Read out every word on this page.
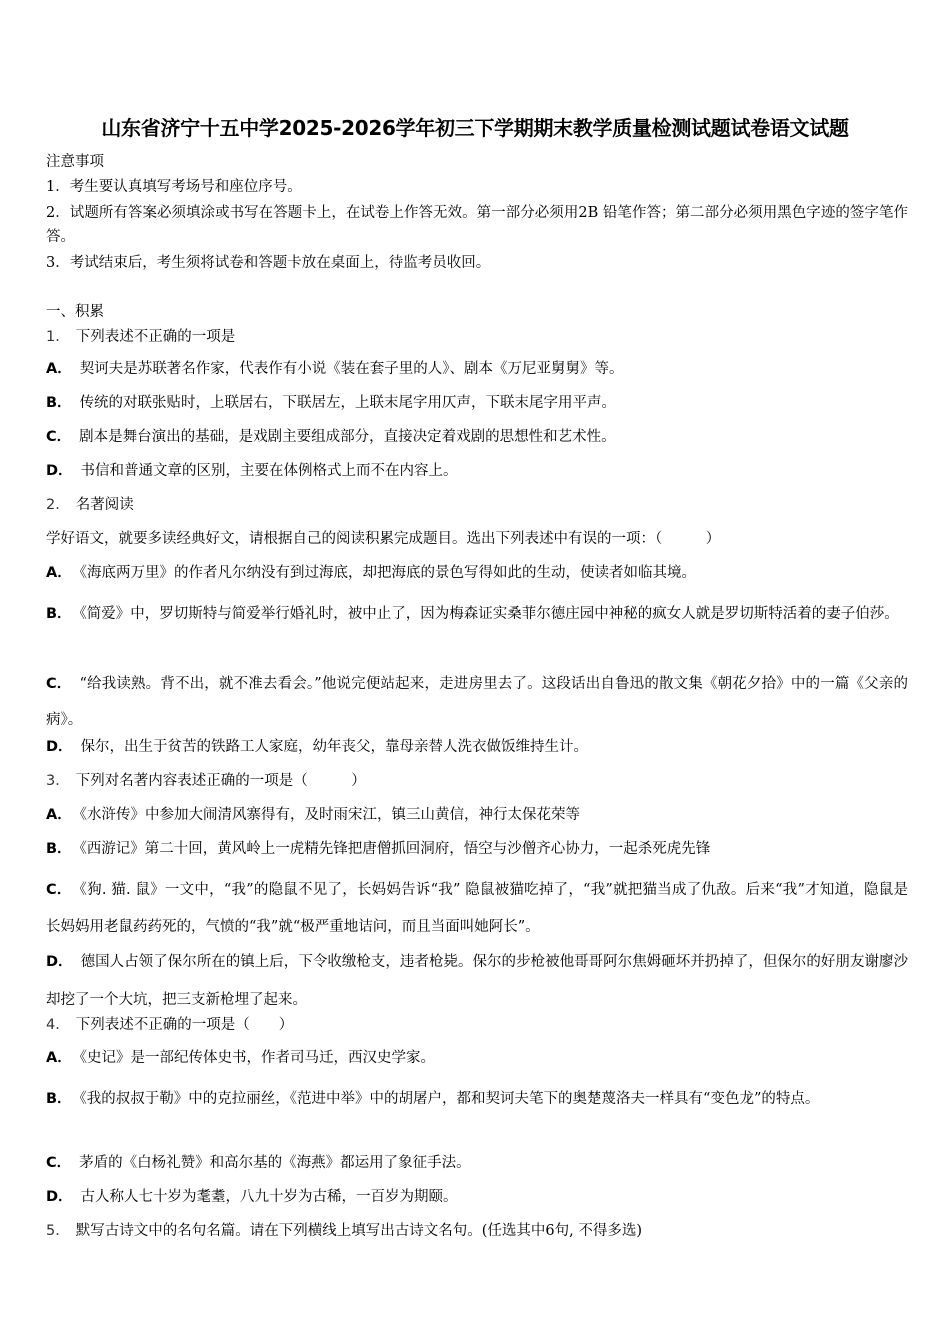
山东省济宁十五中学2025-2026学年初三下学期期末教学质量检测试题试卷语文试题
注意事项
1．考生要认真填写考场号和座位序号。
2．试题所有答案必须填涂或书写在答题卡上，在试卷上作答无效。第一部分必须用2B 铅笔作答；第二部分必须用黑色字迹的签字笔作答。
3．考试结束后，考生须将试卷和答题卡放在桌面上，待监考员收回。
一、积累
1． 下列表述不正确的一项是
A． 契诃夫是苏联著名作家，代表作有小说《装在套子里的人》、剧本《万尼亚舅舅》等。
B． 传统的对联张贴时，上联居右，下联居左，上联末尾字用仄声，下联末尾字用平声。
C． 剧本是舞台演出的基础，是戏剧主要组成部分，直接决定着戏剧的思想性和艺术性。
D． 书信和普通文章的区别，主要在体例格式上而不在内容上。
2． 名著阅读
学好语文，就要多读经典好文，请根据自己的阅读积累完成题目。选出下列表述中有误的一项：（　　　）
A． 《海底两万里》的作者凡尔纳没有到过海底，却把海底的景色写得如此的生动，使读者如临其境。
B． 《简爱》中，罗切斯特与简爱举行婚礼时，被中止了，因为梅森证实桑菲尔德庄园中神秘的疯女人就是罗切斯特活着的妻子伯莎。
C． “给我读熟。背不出，就不准去看会。”他说完便站起来，走进房里去了。这段话出自鲁迅的散文集《朝花夕拾》中的一篇《父亲的病》。
D． 保尔，出生于贫苦的铁路工人家庭，幼年丧父，靠母亲替人洗衣做饭维持生计。
3． 下列对名著内容表述正确的一项是（　　　）
A． 《水浒传》中参加大闹清风寨得有，及时雨宋江，镇三山黄信，神行太保花荣等
B． 《西游记》第二十回，黄风岭上一虎精先锋把唐僧抓回洞府，悟空与沙僧齐心协力，一起杀死虎先锋
C． 《狗. 猫. 鼠》一文中，“我”的隐鼠不见了，长妈妈告诉“我” 隐鼠被猫吃掉了，“我”就把猫当成了仇敌。后来“我”才知道，隐鼠是长妈妈用老鼠药药死的，气愤的“我”就“极严重地诘问，而且当面叫她阿长”。
D． 德国人占领了保尔所在的镇上后，下令收缴枪支，违者枪毙。保尔的步枪被他哥哥阿尔焦姆砸坏并扔掉了，但保尔的好朋友谢廖沙却挖了一个大坑，把三支新枪埋了起来。
4． 下列表述不正确的一项是（　　）
A． 《史记》是一部纪传体史书，作者司马迁，西汉史学家。
B． 《我的叔叔于勒》中的克拉丽丝，《范进中举》中的胡屠户，都和契诃夫笔下的奥楚蔑洛夫一样具有“变色龙”的特点。
C． 茅盾的《白杨礼赞》和高尔基的《海燕》都运用了象征手法。
D． 古人称人七十岁为耄耋，八九十岁为古稀，一百岁为期颐。
5． 默写古诗文中的名句名篇。请在下列横线上填写出古诗文名句。(任选其中6句, 不得多选)
